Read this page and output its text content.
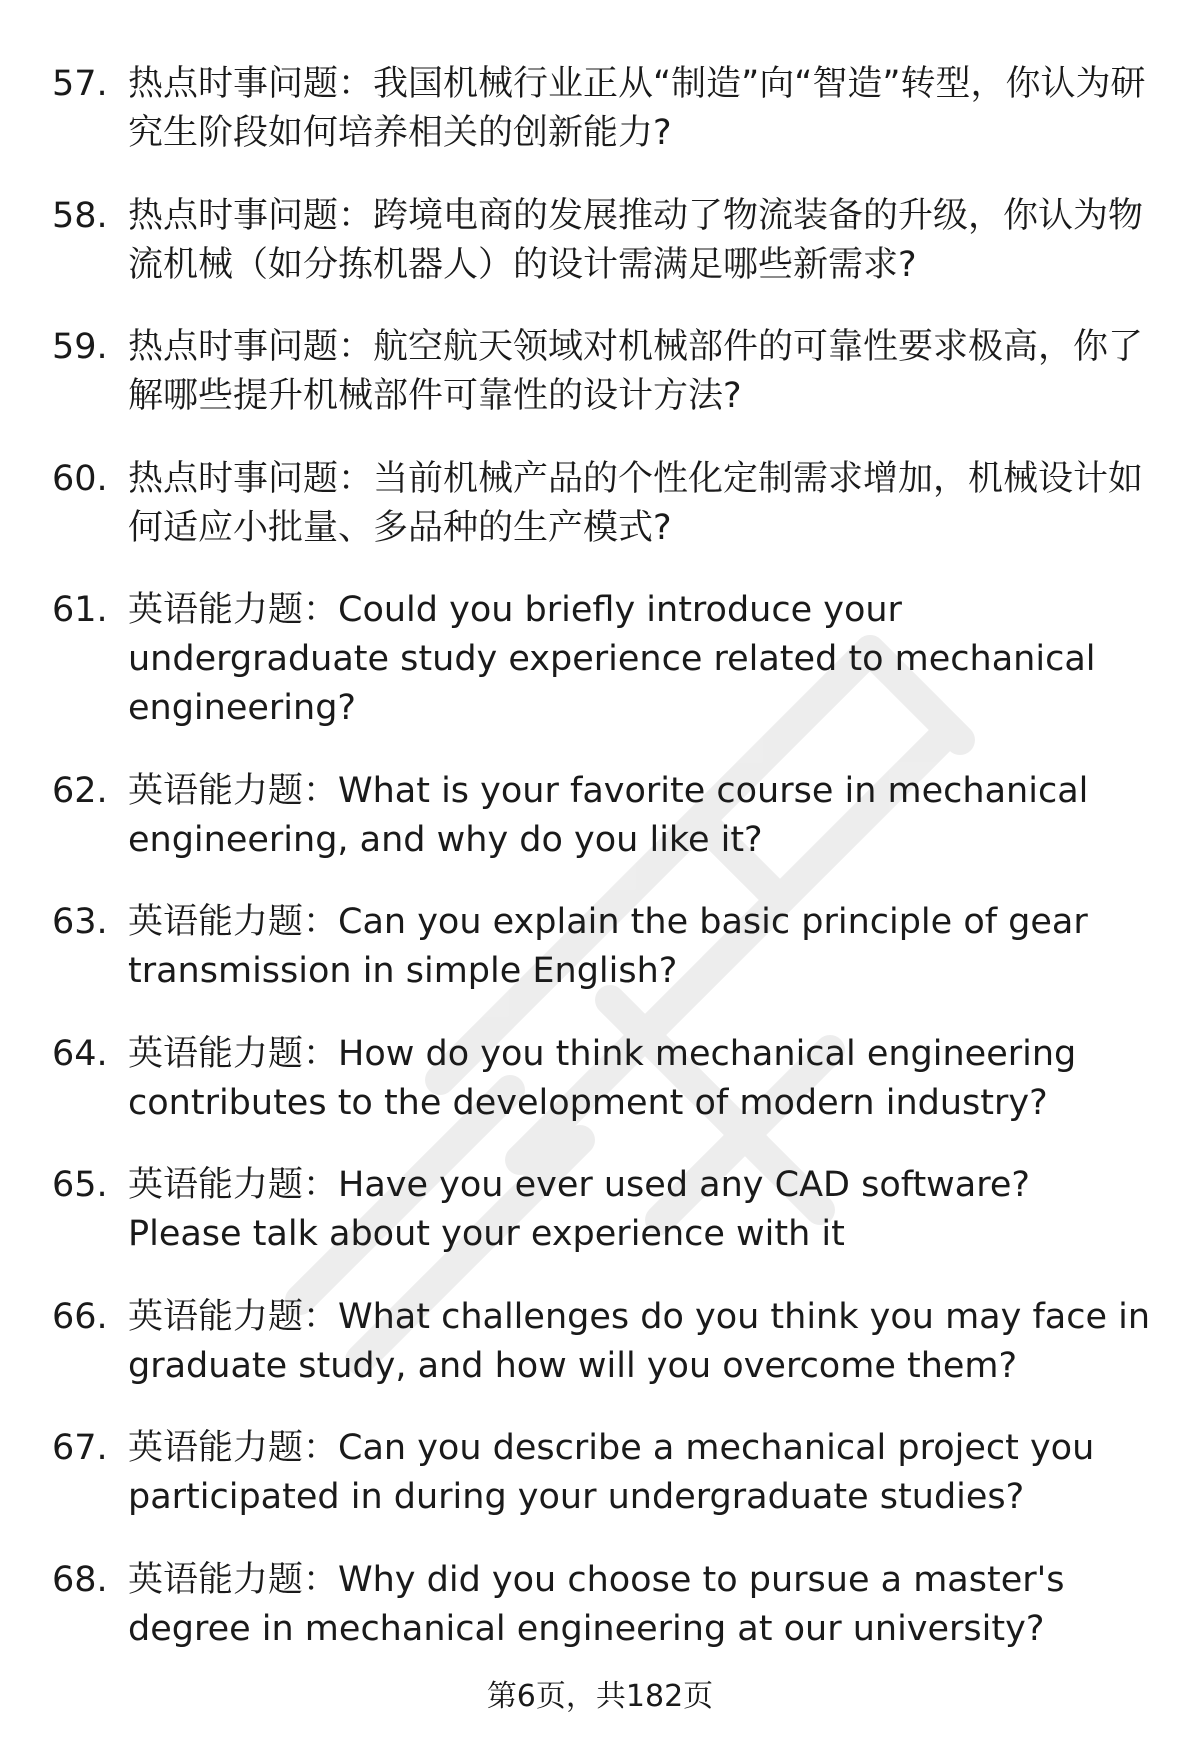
57. 热点时事问题：我国机械行业正从“制造”向“智造”转型，你认为研究生阶段如何培养相关的创新能力?
58. 热点时事问题：跨境电商的发展推动了物流装备的升级，你认为物流机械（如分拣机器人）的设计需满足哪些新需求?
59. 热点时事问题：航空航天领域对机械部件的可靠性要求极高，你了解哪些提升机械部件可靠性的设计方法?
60. 热点时事问题：当前机械产品的个性化定制需求增加，机械设计如何适应小批量、多品种的生产模式?
61. 英语能力题：Could you briefly introduce your undergraduate study experience related to mechanical engineering?
62. 英语能力题：What is your favorite course in mechanical engineering, and why do you like it?
63. 英语能力题：Can you explain the basic principle of gear transmission in simple English?
64. 英语能力题：How do you think mechanical engineering contributes to the development of modern industry?
65. 英语能力题：Have you ever used any CAD software? Please talk about your experience with it
66. 英语能力题：What challenges do you think you may face in graduate study, and how will you overcome them?
67. 英语能力题：Can you describe a mechanical project you participated in during your undergraduate studies?
68. 英语能力题：Why did you choose to pursue a master's degree in mechanical engineering at our university?
第6页，共182页
